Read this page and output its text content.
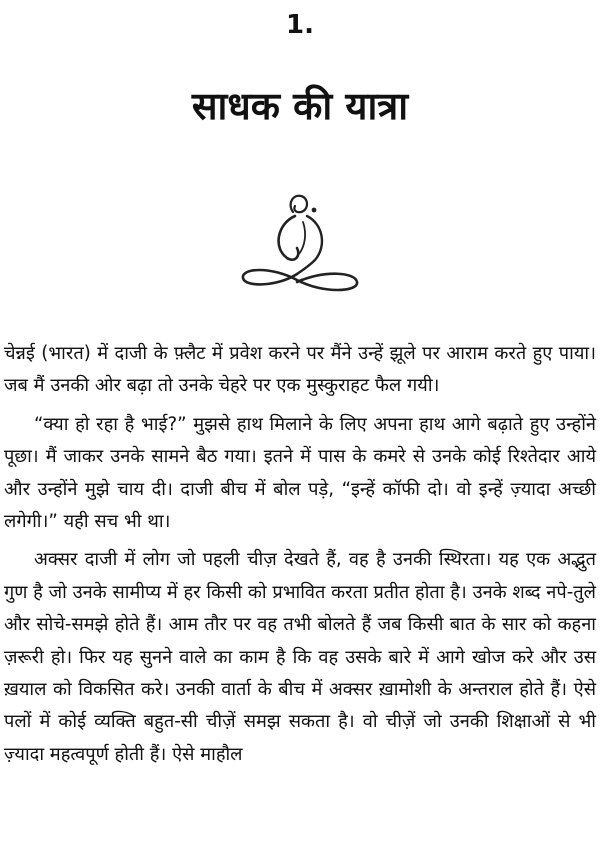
1.
साधक की यात्रा

चेन्नई (भारत) में दाजी के फ़्लैट में प्रवेश करने पर मैंने उन्हें झूले पर आराम करते हुए पाया। जब मैं उनकी ओर बढ़ा तो उनके चेहरे पर एक मुस्कुराहट फैल गयी।

“क्या हो रहा है भाई?” मुझसे हाथ मिलाने के लिए अपना हाथ आगे बढ़ाते हुए उन्होंने पूछा। मैं जाकर उनके सामने बैठ गया। इतने में पास के कमरे से उनके कोई रिश्तेदार आये और उन्होंने मुझे चाय दी। दाजी बीच में बोल पड़े, “इन्हें कॉफी दो। वो इन्हें ज़्यादा अच्छी लगेगी।” यही सच भी था।

अक्सर दाजी में लोग जो पहली चीज़ देखते हैं, वह है उनकी स्थिरता। यह एक अद्भुत गुण है जो उनके सामीप्य में हर किसी को प्रभावित करता प्रतीत होता है। उनके शब्द नपे-तुले और सोचे-समझे होते हैं। आम तौर पर वह तभी बोलते हैं जब किसी बात के सार को कहना ज़रूरी हो। फिर यह सुनने वाले का काम है कि वह उसके बारे में आगे खोज करे और उस ख़याल को विकसित करे। उनकी वार्ता के बीच में अक्सर ख़ामोशी के अन्तराल होते हैं। ऐसे पलों में कोई व्यक्ति बहुत-सी चीज़ें समझ सकता है। वो चीज़ें जो उनकी शिक्षाओं से भी ज़्यादा महत्वपूर्ण होती हैं। ऐसे माहौल
